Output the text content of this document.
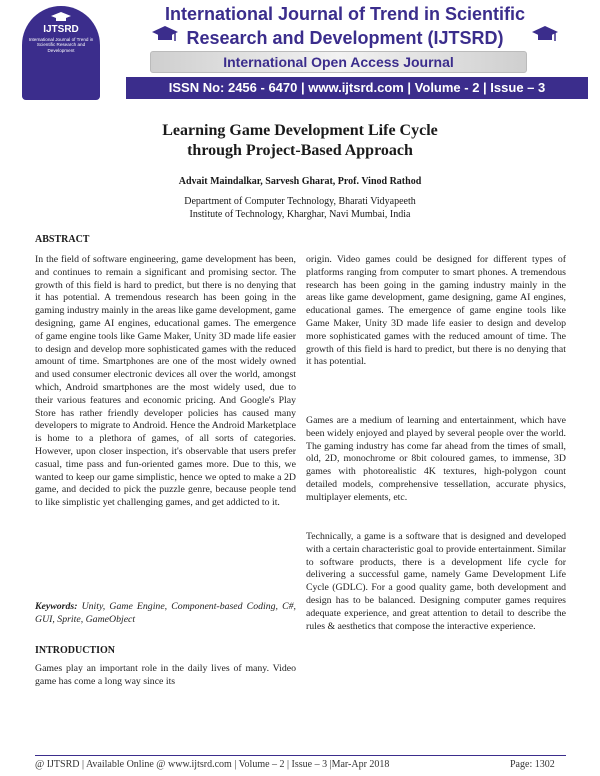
IJTSRD
International Journal of Trend in Scientific Research and Development
International Journal of Trend in Scientific
Research and Development (IJTSRD)
International Open Access Journal
ISSN No: 2456 - 6470 | www.ijtsrd.com | Volume - 2 | Issue – 3
Learning Game Development Life Cycle
through Project-Based Approach
Advait Maindalkar, Sarvesh Gharat, Prof. Vinod Rathod
Department of Computer Technology, Bharati Vidyapeeth
Institute of Technology, Kharghar, Navi Mumbai, India
ABSTRACT

In the field of software engineering, game development has been, and continues to remain a significant and promising sector. The growth of this field is hard to predict, but there is no denying that it has potential. A tremendous research has been going in the gaming industry mainly in the areas like game development, game designing, game AI engines, educational games. The emergence of game engine tools like Game Maker, Unity 3D made life easier to design and develop more sophisticated games with the reduced amount of time. Smartphones are one of the most widely owned and used consumer electronic devices all over the world, amongst which, Android smartphones are the most widely used, due to their various features and economic pricing. And Google's Play Store has rather friendly developer policies has caused many developers to migrate to Android. Hence the Android Marketplace is home to a plethora of games, of all sorts of categories. However, upon closer inspection, it's observable that users prefer casual, time pass and fun-oriented games more. Due to this, we wanted to keep our game simplistic, hence we opted to make a 2D game, and decided to pick the puzzle genre, because people tend to like simplistic yet challenging games, and get addicted to it.

Keywords: Unity, Game Engine, Component-based Coding, C#, GUI, Sprite, GameObject

INTRODUCTION

Games play an important role in the daily lives of many. Video game has come a long way since its

origin. Video games could be designed for different types of platforms ranging from computer to smart phones. A tremendous research has been going in the gaming industry mainly in the areas like game development, game designing, game AI engines, educational games. The emergence of game engine tools like Game Maker, Unity 3D made life easier to design and develop more sophisticated games with the reduced amount of time. The growth of this field is hard to predict, but there is no denying that it has potential.

Games are a medium of learning and entertainment, which have been widely enjoyed and played by several people over the world. The gaming industry has come far ahead from the times of small, old, 2D, monochrome or 8bit coloured games, to immense, 3D games with photorealistic 4K textures, high-polygon count detailed models, comprehensive tessellation, accurate physics, multiplayer elements, etc.

Technically, a game is a software that is designed and developed with a certain characteristic goal to provide entertainment. Similar to software products, there is a development life cycle for delivering a successful game, namely Game Development Life Cycle (GDLC). For a good quality game, both development and design has to be balanced. Designing computer games requires adequate experience, and great attention to detail to describe the rules & aesthetics that compose the interactive experience.

@ IJTSRD | Available Online @ www.ijtsrd.com | Volume – 2 | Issue – 3 |Mar-Apr 2018	Page: 1302
